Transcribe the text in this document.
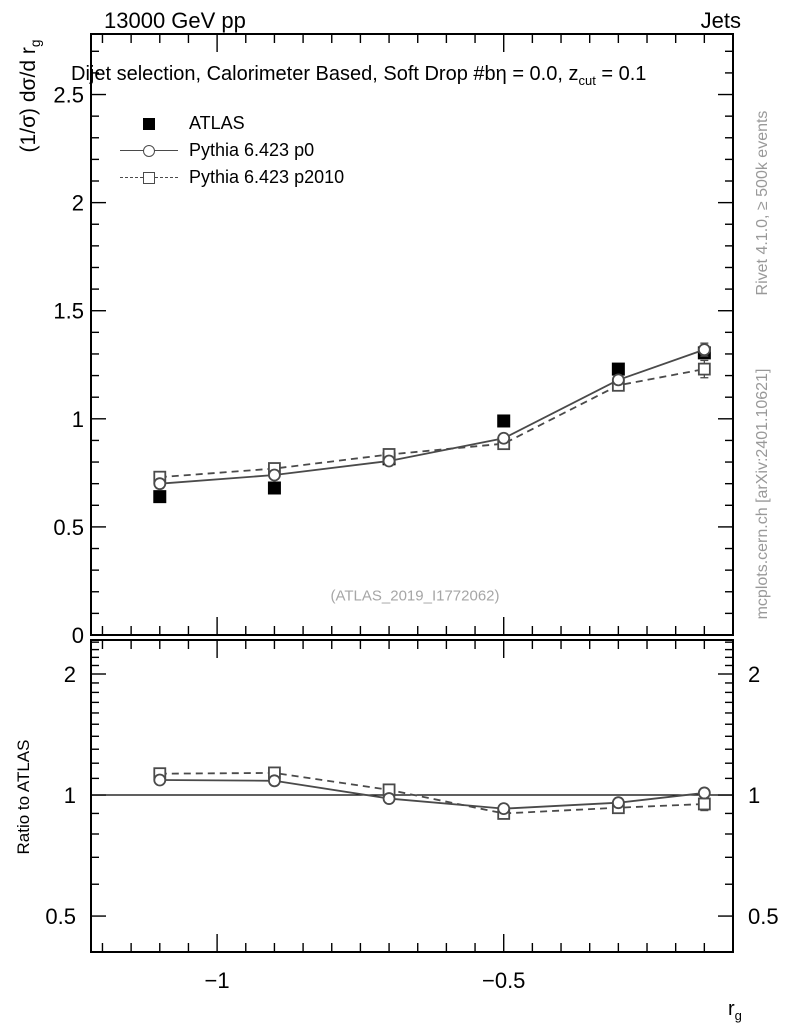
−1	−0.5
0
0.5
1
1.5
2
2.5
0.5	0.5
1	1
2	2
13000 GeV pp	Jets
Dijet selection, Calorimeter Based, Soft Drop #bη = 0.0, $z_{cut} = 0.1$
(1/σ) dσ/d $r_g$
Ratio to ATLAS
Rivet 4.1.0, ≥ 500k events
mcplots.cern.ch [arXiv:2401.10621]
(ATLAS_2019_I1772062)
$r_g$
ATLAS
Pythia 6.423 p0
Pythia 6.423 p2010
